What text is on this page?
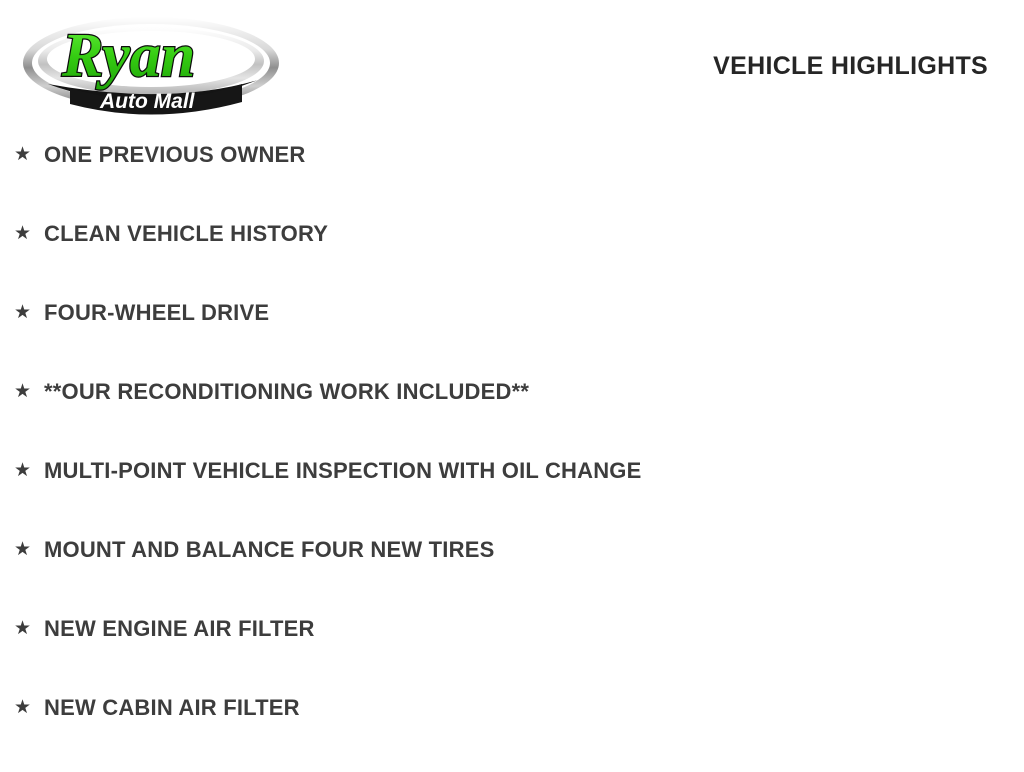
Ryan
Auto Mall
VEHICLE HIGHLIGHTS
★ ONE PREVIOUS OWNER
★ CLEAN VEHICLE HISTORY
★ FOUR-WHEEL DRIVE
★ **OUR RECONDITIONING WORK INCLUDED**
★ MULTI-POINT VEHICLE INSPECTION WITH OIL CHANGE
★ MOUNT AND BALANCE FOUR NEW TIRES
★ NEW ENGINE AIR FILTER
★ NEW CABIN AIR FILTER
